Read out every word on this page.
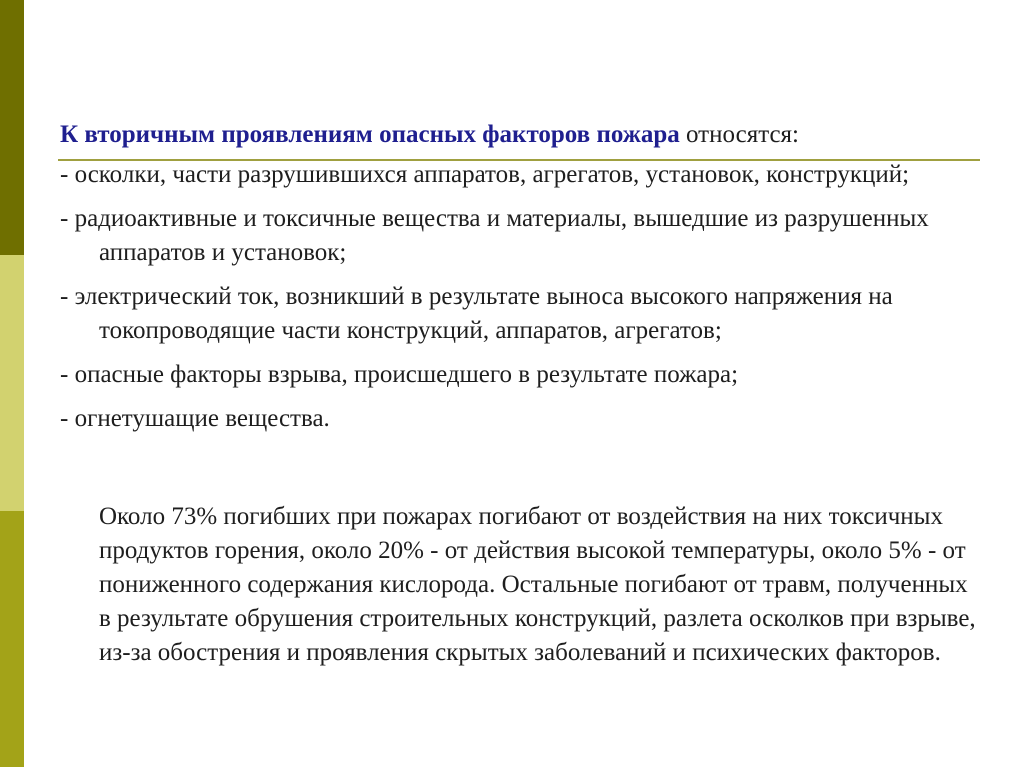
К вторичным проявлениям опасных факторов пожара относятся:
- осколки, части разрушившихся аппаратов, агрегатов, установок, конструкций;
- радиоактивные и токсичные вещества и материалы, вышедшие из разрушенных аппаратов и установок;
- электрический ток, возникший в результате выноса высокого напряжения на токопроводящие части конструкций, аппаратов, агрегатов;
- опасные факторы взрыва, происшедшего в результате пожара;
- огнетушащие вещества.
Около 73% погибших при пожарах погибают от воздействия на них токсичных продуктов горения, около 20% - от действия высокой температуры, около 5% - от пониженного содержания кислорода. Остальные погибают от травм, полученных в результате обрушения строительных конструкций, разлета осколков при взрыве, из-за обострения и проявления скрытых заболеваний и психических факторов.
